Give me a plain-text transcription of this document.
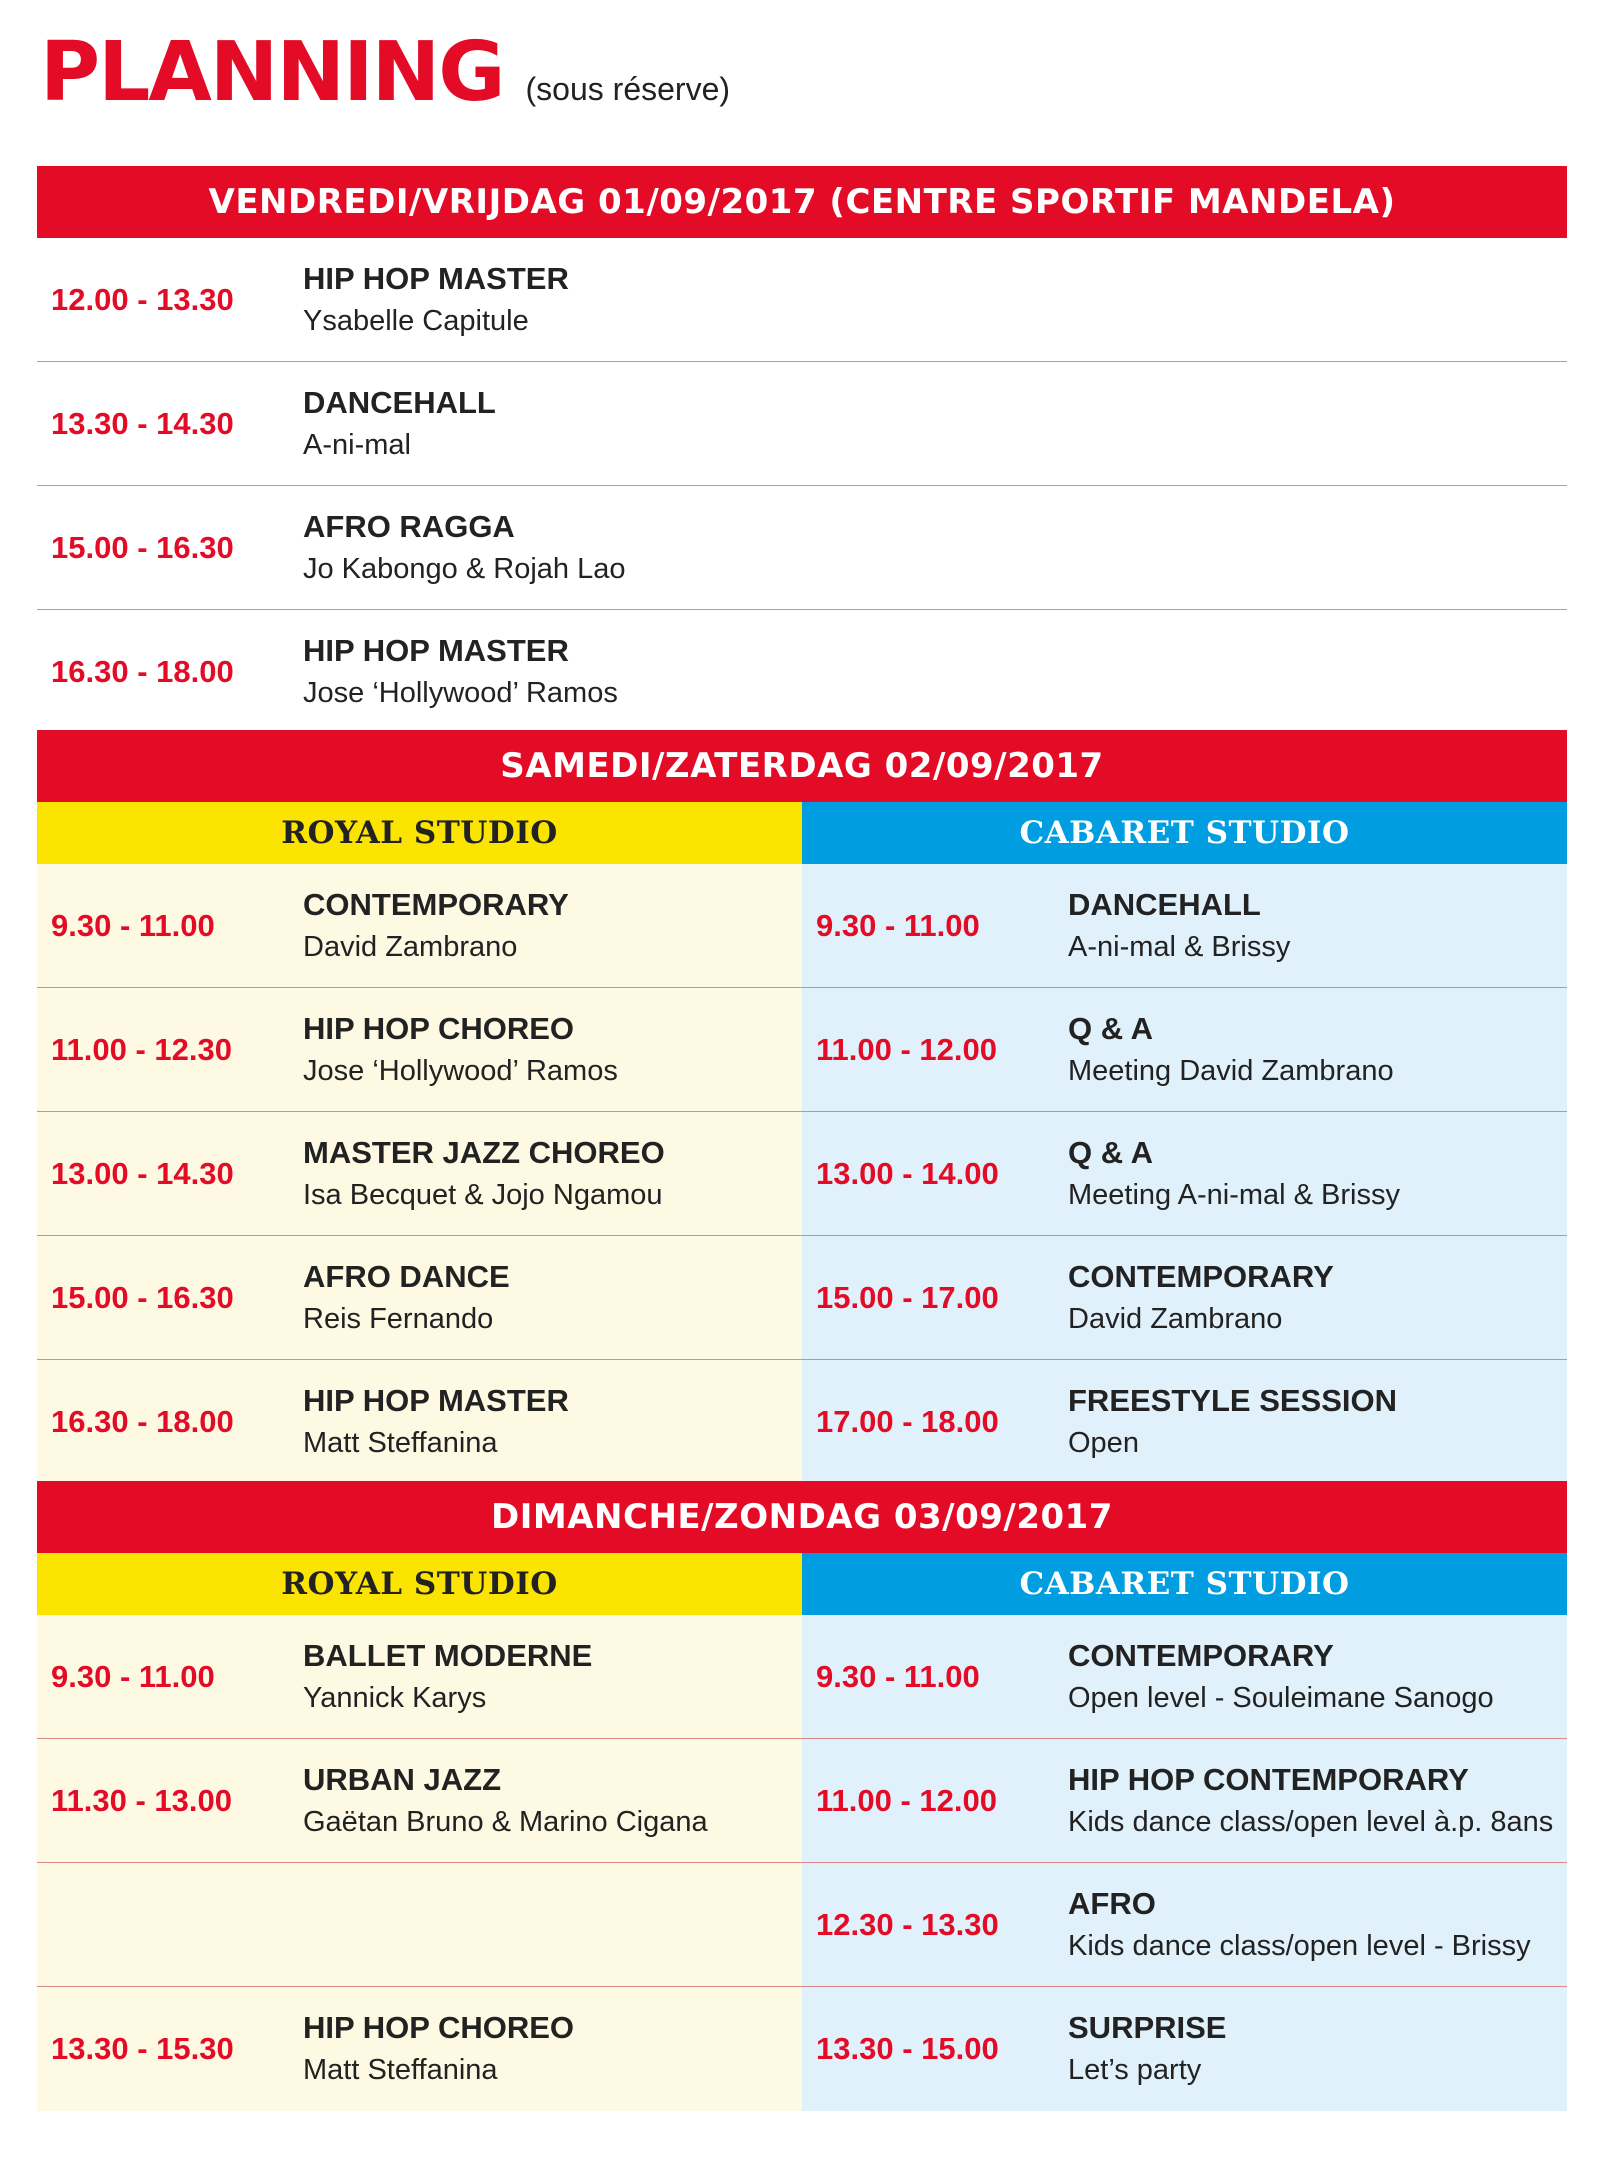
PLANNING (sous réserve)
VENDREDI/VRIJDAG 01/09/2017 (CENTRE SPORTIF MANDELA)
12.00 - 13.30
HIP HOP MASTER
Ysabelle Capitule
13.30 - 14.30
DANCEHALL
A-ni-mal
15.00 - 16.30
AFRO RAGGA
Jo Kabongo & Rojah Lao
16.30 - 18.00
HIP HOP MASTER
Jose ‘Hollywood’ Ramos
SAMEDI/ZATERDAG 02/09/2017
ROYAL STUDIO
9.30 - 11.00
CONTEMPORARY
David Zambrano
11.00 - 12.30
HIP HOP CHOREO
Jose ‘Hollywood’ Ramos
13.00 - 14.30
MASTER JAZZ CHOREO
Isa Becquet & Jojo Ngamou
15.00 - 16.30
AFRO DANCE
Reis Fernando
16.30 - 18.00
HIP HOP MASTER
Matt Steffanina
CABARET STUDIO
9.30 - 11.00
DANCEHALL
A-ni-mal & Brissy
11.00 - 12.00
Q & A
Meeting David Zambrano
13.00 - 14.00
Q & A
Meeting A-ni-mal & Brissy
15.00 - 17.00
CONTEMPORARY
David Zambrano
17.00 - 18.00
FREESTYLE SESSION
Open
DIMANCHE/ZONDAG 03/09/2017
ROYAL STUDIO
9.30 - 11.00
BALLET MODERNE
Yannick Karys
11.30 - 13.00
URBAN JAZZ
Gaëtan Bruno & Marino Cigana
13.30 - 15.30
HIP HOP CHOREO
Matt Steffanina
CABARET STUDIO
9.30 - 11.00
CONTEMPORARY
Open level - Souleimane Sanogo
11.00 - 12.00
HIP HOP CONTEMPORARY
Kids dance class/open level à.p. 8ans
12.30 - 13.30
AFRO
Kids dance class/open level - Brissy
13.30 - 15.00
SURPRISE
Let’s party
